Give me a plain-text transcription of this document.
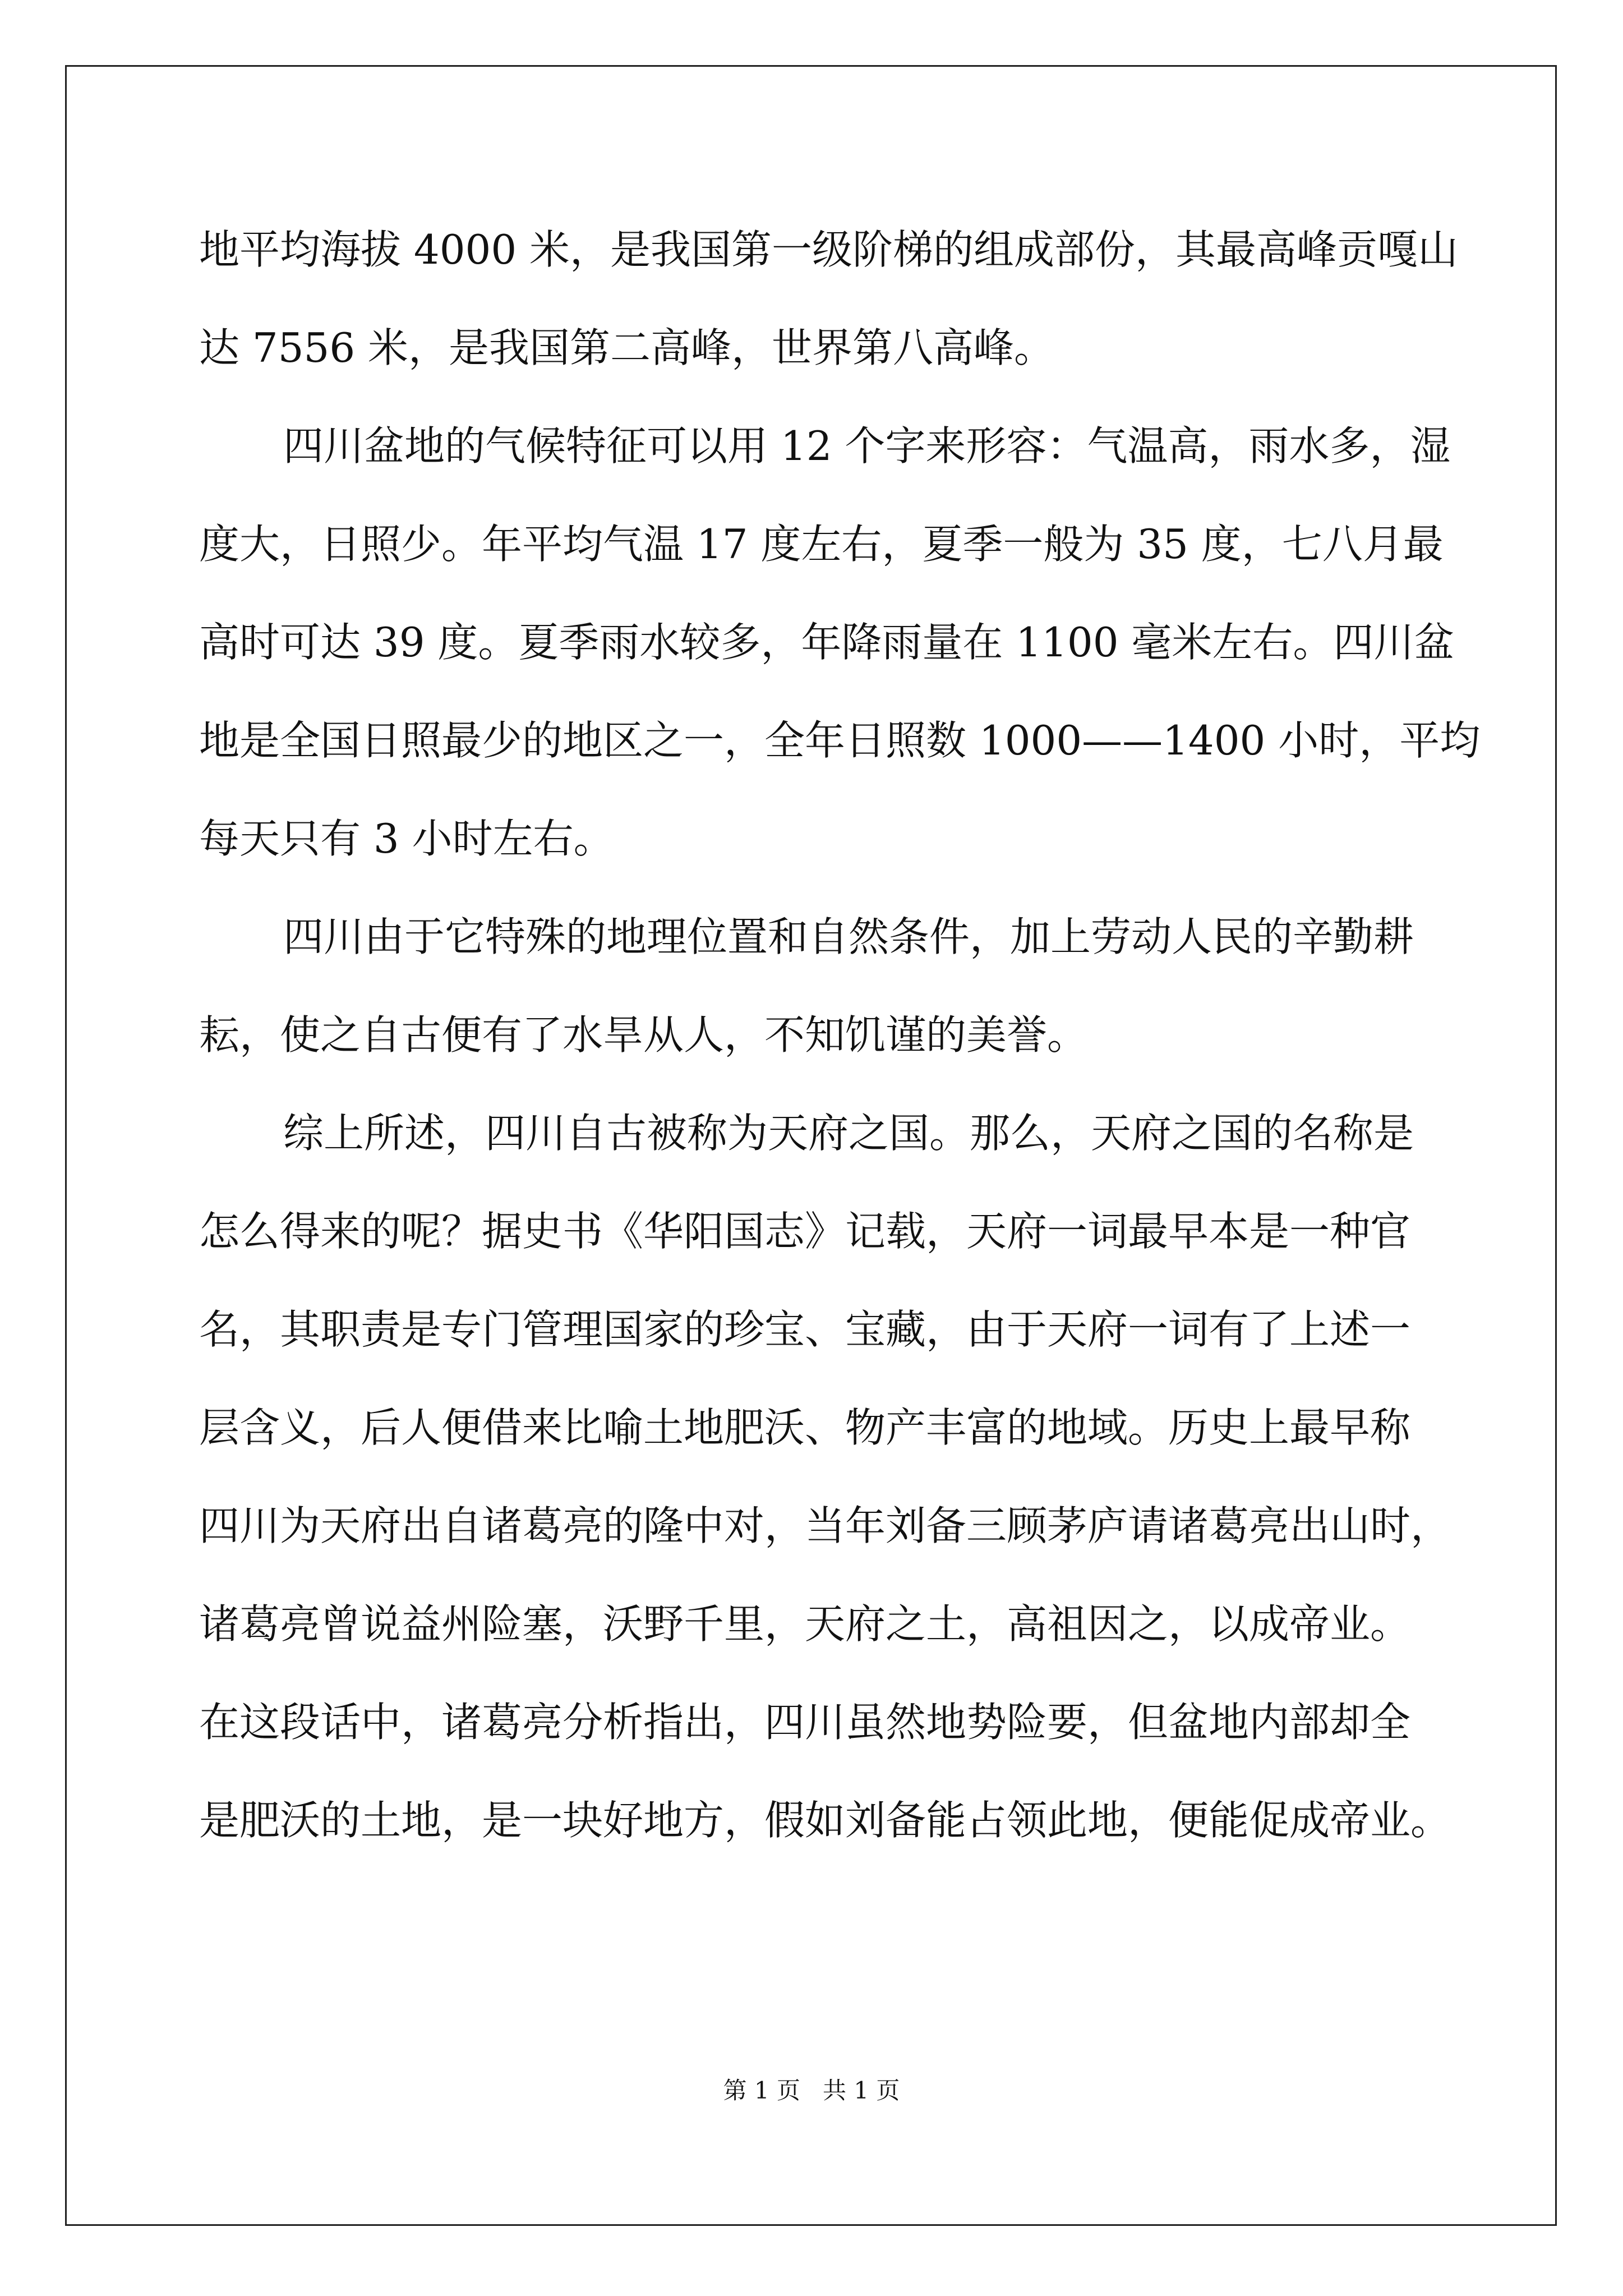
地平均海拔 4000 米，是我国第一级阶梯的组成部份，其最高峰贡嘎山
达 7556 米，是我国第二高峰，世界第八高峰。
四川盆地的气候特征可以用 12 个字来形容：气温高，雨水多，湿
度大，日照少。年平均气温 17 度左右，夏季一般为 35 度，七八月最
高时可达 39 度。夏季雨水较多，年降雨量在 1100 毫米左右。四川盆
地是全国日照最少的地区之一，全年日照数 1000——1400 小时，平均
每天只有 3 小时左右。
四川由于它特殊的地理位置和自然条件，加上劳动人民的辛勤耕
耘，使之自古便有了水旱从人，不知饥谨的美誉。
综上所述，四川自古被称为天府之国。那么，天府之国的名称是
怎么得来的呢？据史书《华阳国志》记载，天府一词最早本是一种官
名，其职责是专门管理国家的珍宝、宝藏，由于天府一词有了上述一
层含义，后人便借来比喻土地肥沃、物产丰富的地域。历史上最早称
四川为天府出自诸葛亮的隆中对，当年刘备三顾茅庐请诸葛亮出山时，
诸葛亮曾说益州险塞，沃野千里，天府之土，高祖因之，以成帝业。
在这段话中，诸葛亮分析指出，四川虽然地势险要，但盆地内部却全
是肥沃的土地，是一块好地方，假如刘备能占领此地，便能促成帝业。
第 1 页 共 1 页
